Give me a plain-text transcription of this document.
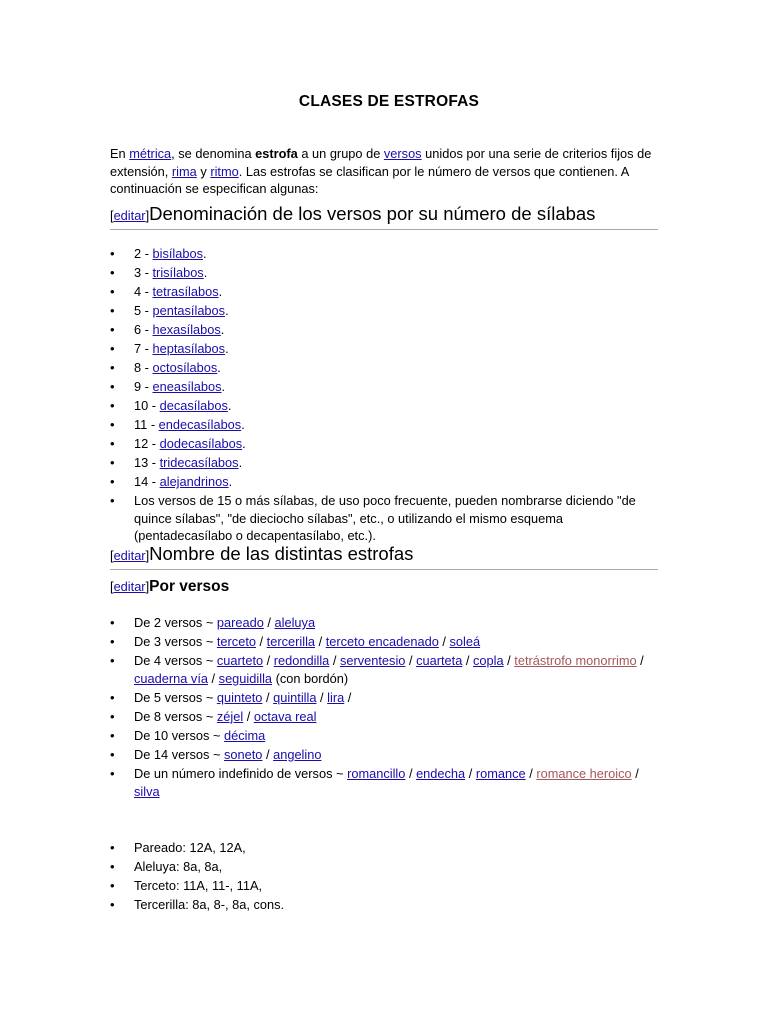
CLASES DE ESTROFAS

En métrica, se denomina estrofa a un grupo de versos unidos por una serie de criterios fijos de extensión, rima y ritmo. Las estrofas se clasifican por le número de versos que contienen. A continuación se especifican algunas:

[editar]Denominación de los versos por su número de sílabas
• 2 - bisílabos.
• 3 - trisílabos.
• 4 - tetrasílabos.
• 5 - pentasílabos.
• 6 - hexasílabos.
• 7 - heptasílabos.
• 8 - octosílabos.
• 9 - eneasílabos.
• 10 - decasílabos.
• 11 - endecasílabos.
• 12 - dodecasílabos.
• 13 - tridecasílabos.
• 14 - alejandrinos.
• Los versos de 15 o más sílabas, de uso poco frecuente, pueden nombrarse diciendo "de quince sílabas", "de dieciocho sílabas", etc., o utilizando el mismo esquema (pentadecasílabo o decapentasílabo, etc.).
[editar]Nombre de las distintas estrofas
[editar]Por versos
• De 2 versos ~ pareado / aleluya
• De 3 versos ~ terceto / tercerilla / terceto encadenado / soleá
• De 4 versos ~ cuarteto / redondilla / serventesio / cuarteta / copla / tetrástrofo monorrimo / cuaderna vía / seguidilla (con bordón)
• De 5 versos ~ quinteto / quintilla / lira /
• De 8 versos ~ zéjel / octava real
• De 10 versos ~ décima
• De 14 versos ~ soneto / angelino
• De un número indefinido de versos ~ romancillo / endecha / romance / romance heroico / silva
• Pareado: 12A, 12A,
• Aleluya: 8a, 8a,
• Terceto: 11A, 11-, 11A,
• Tercerilla: 8a, 8-, 8a, cons.
